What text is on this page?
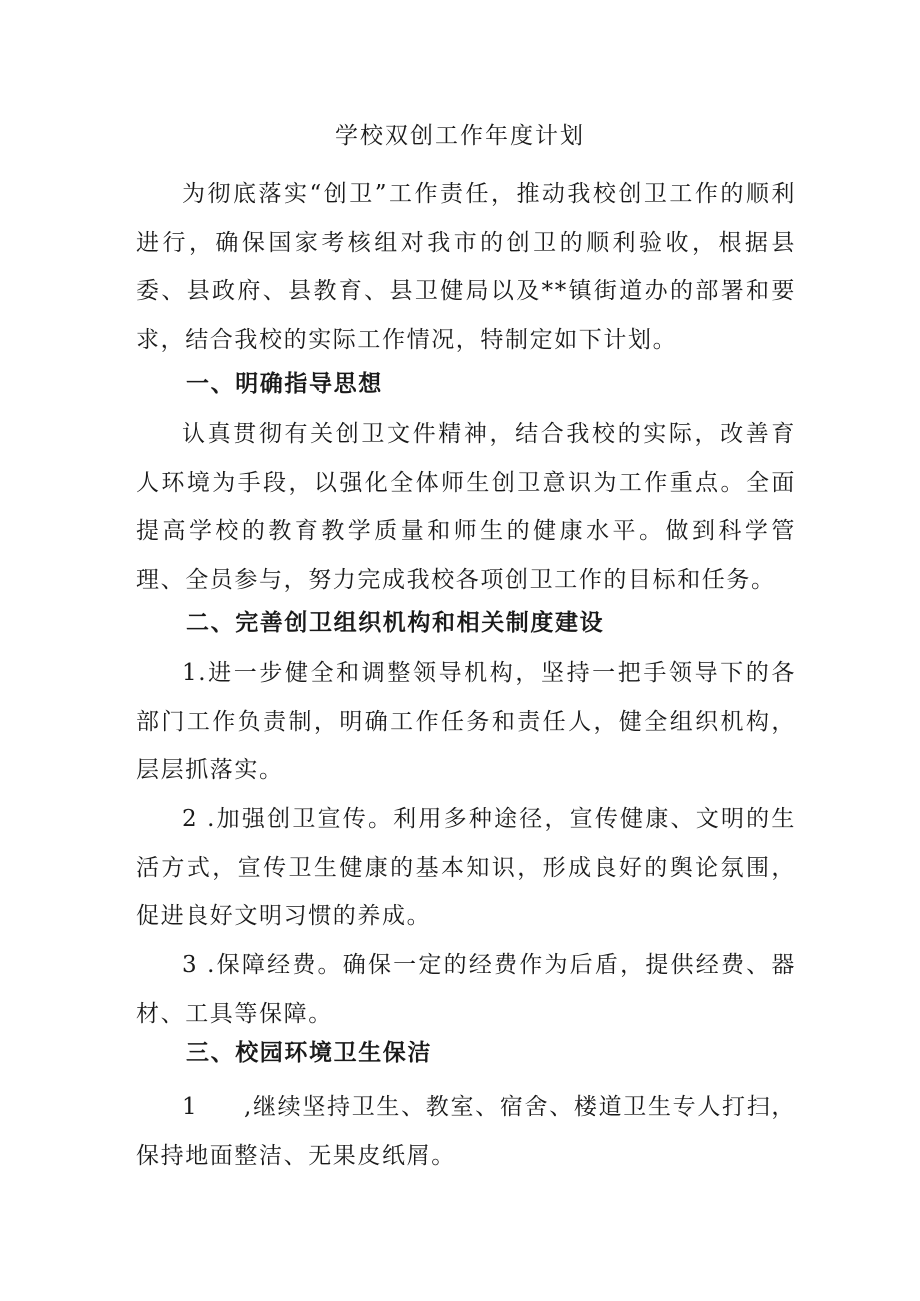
学校双创工作年度计划

为彻底落实“创卫”工作责任，推动我校创卫工作的顺利进行，确保国家考核组对我市的创卫的顺利验收，根据县委、县政府、县教育、县卫健局以及**镇街道办的部署和要求，结合我校的实际工作情况，特制定如下计划。

一、明确指导思想

认真贯彻有关创卫文件精神，结合我校的实际，改善育人环境为手段，以强化全体师生创卫意识为工作重点。全面提高学校的教育教学质量和师生的健康水平。做到科学管理、全员参与，努力完成我校各项创卫工作的目标和任务。

二、完善创卫组织机构和相关制度建设

1.进一步健全和调整领导机构，坚持一把手领导下的各部门工作负责制，明确工作任务和责任人，健全组织机构，层层抓落实。

2 .加强创卫宣传。利用多种途径，宣传健康、文明的生活方式，宣传卫生健康的基本知识，形成良好的舆论氛围，促进良好文明习惯的养成。

3 .保障经费。确保一定的经费作为后盾，提供经费、器材、工具等保障。

三、校园环境卫生保洁

1 ,继续坚持卫生、教室、宿舍、楼道卫生专人打扫，保持地面整洁、无果皮纸屑。
